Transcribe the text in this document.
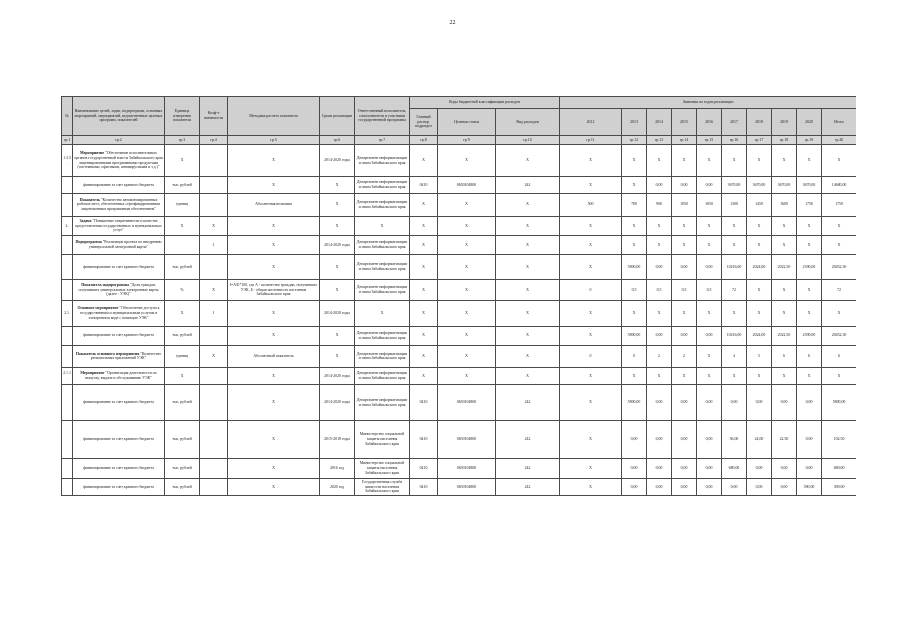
22
№	Наименование целей, задач, подпрограмм, основных мероприятий, мероприятий, ведомственных целевых программ, показателей	Единица измерения показателя	Коэф-т значимости	Методика расчета показателя	Сроки реализации	Ответственный исполнитель, соисполнители и участники государственной программы	Коды бюджетной классификации расходов			Значения по годам реализации									
							Главный распор. подраздел	Целевая статья	Вид расходов	2012	2013	2014	2015	2016	2017	2018	2019	2020	Итого
гр.1	гр.2	гр.3	гр.4	гр.5	гр.6	гр.7	гр.8	гр.9	гр.10	гр.11	гр.12	гр.13	гр.14	гр.15	гр.16	гр.17	гр.18	гр.19	гр.20
1.3.5.	Мероприятие "Обеспечение исполнительных органов государственной власти Забайкальского края лицензированными программными продуктами (системными, офисными, антивирусными и т.д.)"	Х		Х	2014-2020 годы	Департамент информатизации и связи Забайкальского края	Х	Х	Х	Х	Х	Х	Х	Х	Х	Х	Х	Х	Х
	финансирование за счет краевого бюджета	тыс. рублей		Х	Х	Департамент информатизации и связи Забайкальского края	0410	0650104800	242	Х	Х	0,00	0,00	0,00	3670,00	3670,00	3670,00	3670,00	14680,00
	Показатель "Количество автоматизированных рабочих мест, обеспеченных сертифицированным лицензионным программным обеспечением"	единиц		Абсолютная величина	Х	Департамент информатизации и связи Забайкальского края	Х	Х	Х	500	700	900	1050	1050	1300	1450	1600	1750	1750
2.	Задача "Повышение оперативности и качества предоставления государственных и муниципальных услуг"	Х	Х	Х	Х	Х	Х	Х	Х	Х	Х	Х	Х	Х	Х	Х	Х	Х	Х
	Подпрограмма "Реализация проекта по внедрению универсальной электронной карты"		1	Х	2014-2020 годы	Департамент информатизации и связи Забайкальского края	Х	Х	Х	Х	Х	Х	Х	Х	Х	Х	Х	Х	Х
	финансирование за счет краевого бюджета	тыс. рублей		Х	Х	Департамент информатизации и связи Забайкальского края	Х	Х	Х	Х	5800,00	0,00	0,00	0,00	10216,00	2024,00	2022,50	2390,00	20452,50
	Показатель подпрограммы "Доля граждан, получивших универсальные электронные карты (далее - УЭК)"	%	Х	I=А/Б*100, где А - количество граждан, получивших УЭК, Б - общая численность населения Забайкальского края	Х	Департамент информатизации и связи Забайкальского края	Х	Х	Х	0	0,5	0,5	0,5	0,5	72	Х	Х	Х	72
2.1.	Основное мероприятие "Обеспечение доступа к государственным и муниципальным услугам в электронном виде с помощью УЭК"	Х	1	Х	2014-2020 годы	Х	Х	Х	Х	Х	Х	Х	Х	Х	Х	Х	Х	Х	Х
	финансирование за счет краевого бюджета	тыс. рублей		Х	Х	Департамент информатизации и связи Забайкальского края	Х	Х	Х	Х	5800,00	0,00	0,00	0,00	10216,00	2024,00	2022,50	2390,00	20452,50
	Показатель основного мероприятия "Количество региональных приложений УЭК"	единиц	Х	Абсолютный показатель	Х	Департамент информатизации и связи Забайкальского края	Х	Х	Х	0	0	2	2	Х	4	5	6	6	6
2.1.1.	Мероприятие "Организация деятельности по выпуску, выдаче и обслуживанию УЭК"	Х		Х	2014-2020 годы	Департамент информатизации и связи Забайкальского края	Х	Х	Х	Х	Х	Х	Х	Х	Х	Х	Х	Х	Х
	финансирование за счет краевого бюджета	тыс. рублей		Х	2014-2020 годы	Департамент информатизации и связи Забайкальского края	0410	0650104800	242	Х	5800,00	0,00	0,00	0,00	0,00	0,00	0,00	0,00	5800,00
	финансирование за счет краевого бюджета	тыс. рублей		Х	2015-2018 годы	Министерство социальной защиты населения Забайкальского края	0410	0650104800	242	Х	0,00	0,00	0,00	0,00	56,00	24,00	22,50	0,00	102,50
	финансирование за счет краевого бюджета	тыс. рублей		Х	2016 год	Министерство социальной защиты населения Забайкальского края	0410	0650104800	242	Х	0,00	0,00	0,00	0,00	680,00	0,00	0,00	0,00	680,00
	финансирование за счет краевого бюджета	тыс. рублей		Х	2020 год	Государственная служба занятости населения Забайкальского края	0410	0650104800	242	Х	0,00	0,00	0,00	0,00	0,00	0,00	0,00	390,00	390,00
